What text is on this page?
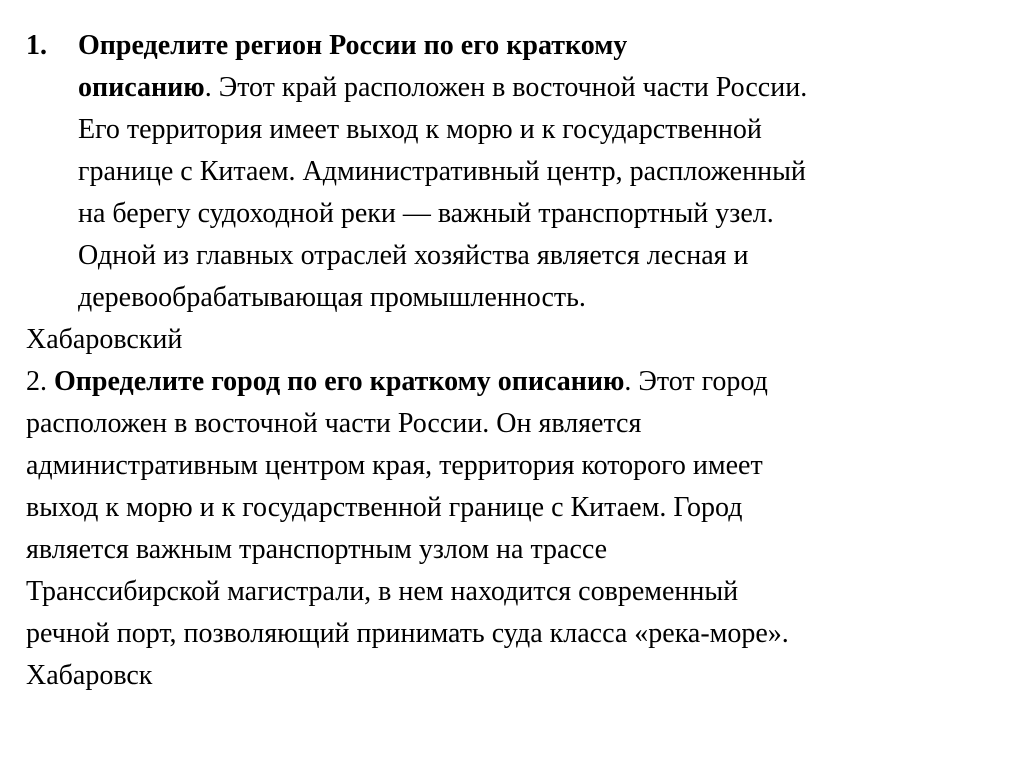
1.	Определите регион России по его краткому
описанию. Этот край расположен в восточной части России.
Его территория имеет выход к морю и к государственной
границе с Китаем. Административный центр, распложенный
на берегу судоходной реки — важный транспортный узел.
Одной из главных отраслей хозяйства является лесная и
деревообрабатывающая промышленность.
Хабаровский
2. Определите город по его краткому описанию. Этот город
расположен в восточной части России. Он является
административным центром края, территория которого имеет
выход к морю и к государственной границе с Китаем. Город
является важным транспортным узлом на трассе
Транссибирской магистрали, в нем находится современный
речной порт, позволяющий принимать суда класса «река-море».
Хабаровск
